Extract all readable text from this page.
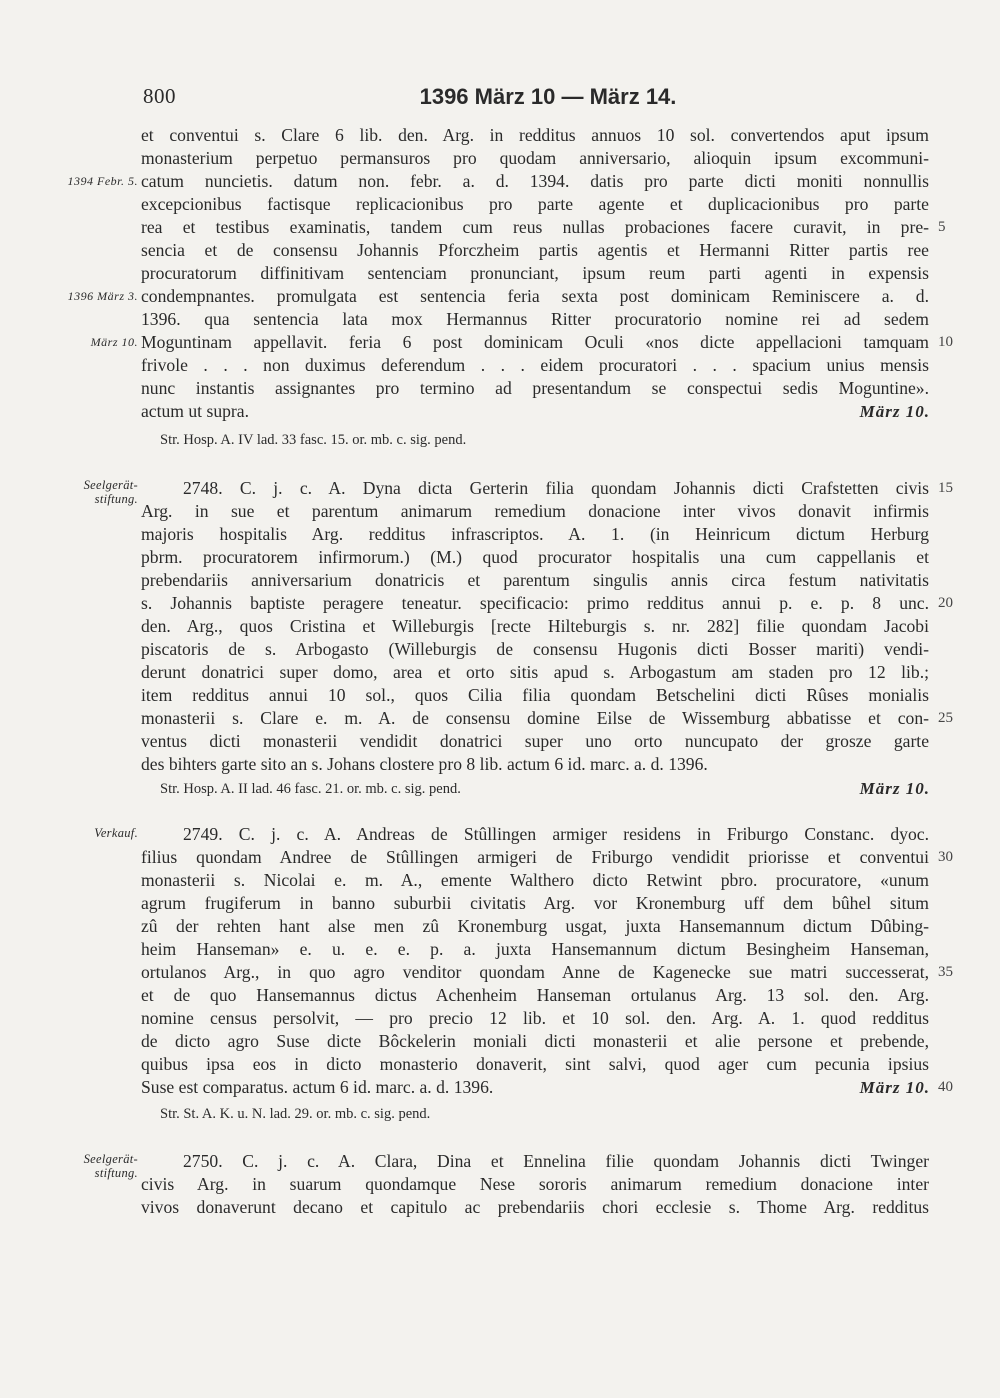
800	1396 März 10 — März 14.
et conventui s. Clare 6 lib. den. Arg. in redditus annuos 10 sol. convertendos aput ipsum
monasterium perpetuo permansuros pro quodam anniversario, alioquin ipsum excommuni-
catum nuncietis. datum non. febr. a. d. 1394. datis pro parte dicti moniti nonnullis
excepcionibus factisque replicacionibus pro parte agente et duplicacionibus pro parte
rea et testibus examinatis, tandem cum reus nullas probaciones facere curavit, in pre-
sencia et de consensu Johannis Pforczheim partis agentis et Hermanni Ritter partis ree
procuratorum diffinitivam sentenciam pronunciant, ipsum reum parti agenti in expensis
condempnantes. promulgata est sentencia feria sexta post dominicam Reminiscere a. d.
1396. qua sentencia lata mox Hermannus Ritter procuratorio nomine rei ad sedem
Moguntinam appellavit. feria 6 post dominicam Oculi «nos dicte appellacioni tamquam
frivole . . . non duximus deferendum . . . eidem procuratori . . . spacium unius mensis
nunc instantis assignantes pro termino ad presentandum se conspectui sedis Moguntine».
actum ut supra.	März 10.
Str. Hosp. A. IV lad. 33 fasc. 15. or. mb. c. sig. pend.
1394 Febr. 5.
1396 März 3.
März 10.
Seelgerät-
stiftung.
2748. C. j. c. A. Dyna dicta Gerterin filia quondam Johannis dicti Crafstetten civis
Arg. in sue et parentum animarum remedium donacione inter vivos donavit infirmis
majoris hospitalis Arg. redditus infrascriptos. A. 1. (in Heinricum dictum Herburg
pbrm. procuratorem infirmorum.) (M.) quod procurator hospitalis una cum cappellanis et
prebendariis anniversarium donatricis et parentum singulis annis circa festum nativitatis
s. Johannis baptiste peragere teneatur. specificacio: primo redditus annui p. e. p. 8 unc.
den. Arg., quos Cristina et Willeburgis [recte Hilteburgis s. nr. 282] filie quondam Jacobi
piscatoris de s. Arbogasto (Willeburgis de consensu Hugonis dicti Bosser mariti) vendi-
derunt donatrici super domo, area et orto sitis apud s. Arbogastum am staden pro 12 lib.;
item redditus annui 10 sol., quos Cilia filia quondam Betschelini dicti Rûses monialis
monasterii s. Clare e. m. A. de consensu domine Eilse de Wissemburg abbatisse et con-
ventus dicti monasterii vendidit donatrici super uno orto nuncupato der grosze garte
des bihters garte sito an s. Johans clostere pro 8 lib. actum 6 id. marc. a. d. 1396.
Str. Hosp. A. II lad. 46 fasc. 21. or. mb. c. sig. pend.	März 10.
Verkauf.	2749. C. j. c. A. Andreas de Stûllingen armiger residens in Friburgo Constanc. dyoc.
filius quondam Andree de Stûllingen armigeri de Friburgo vendidit priorisse et conventui
monasterii s. Nicolai e. m. A., emente Walthero dicto Retwint pbro. procuratore, «unum
agrum frugiferum in banno suburbii civitatis Arg. vor Kronemburg uff dem bûhel situm
zû der rehten hant alse men zû Kronemburg usgat, juxta Hansemannum dictum Dûbing-
heim Hanseman» e. u. e. e. p. a. juxta Hansemannum dictum Besingheim Hanseman,
ortulanos Arg., in quo agro venditor quondam Anne de Kagenecke sue matri successerat,
et de quo Hansemannus dictus Achenheim Hanseman ortulanus Arg. 13 sol. den. Arg.
nomine census persolvit, — pro precio 12 lib. et 10 sol. den. Arg. A. 1. quod redditus
de dicto agro Suse dicte Bôckelerin moniali dicti monasterii et alie persone et prebende,
quibus ipsa eos in dicto monasterio donaverit, sint salvi, quod ager cum pecunia ipsius
Suse est comparatus. actum 6 id. marc. a. d. 1396.	März 10.
Str. St. A. K. u. N. lad. 29. or. mb. c. sig. pend.
Seelgerät-
stiftung.
2750. C. j. c. A. Clara, Dina et Ennelina filie quondam Johannis dicti Twinger
civis Arg. in suarum quondamque Nese sororis animarum remedium donacione inter
vivos donaverunt decano et capitulo ac prebendariis chori ecclesie s. Thome Arg. redditus
5
10
15
20
25
30
35
40
